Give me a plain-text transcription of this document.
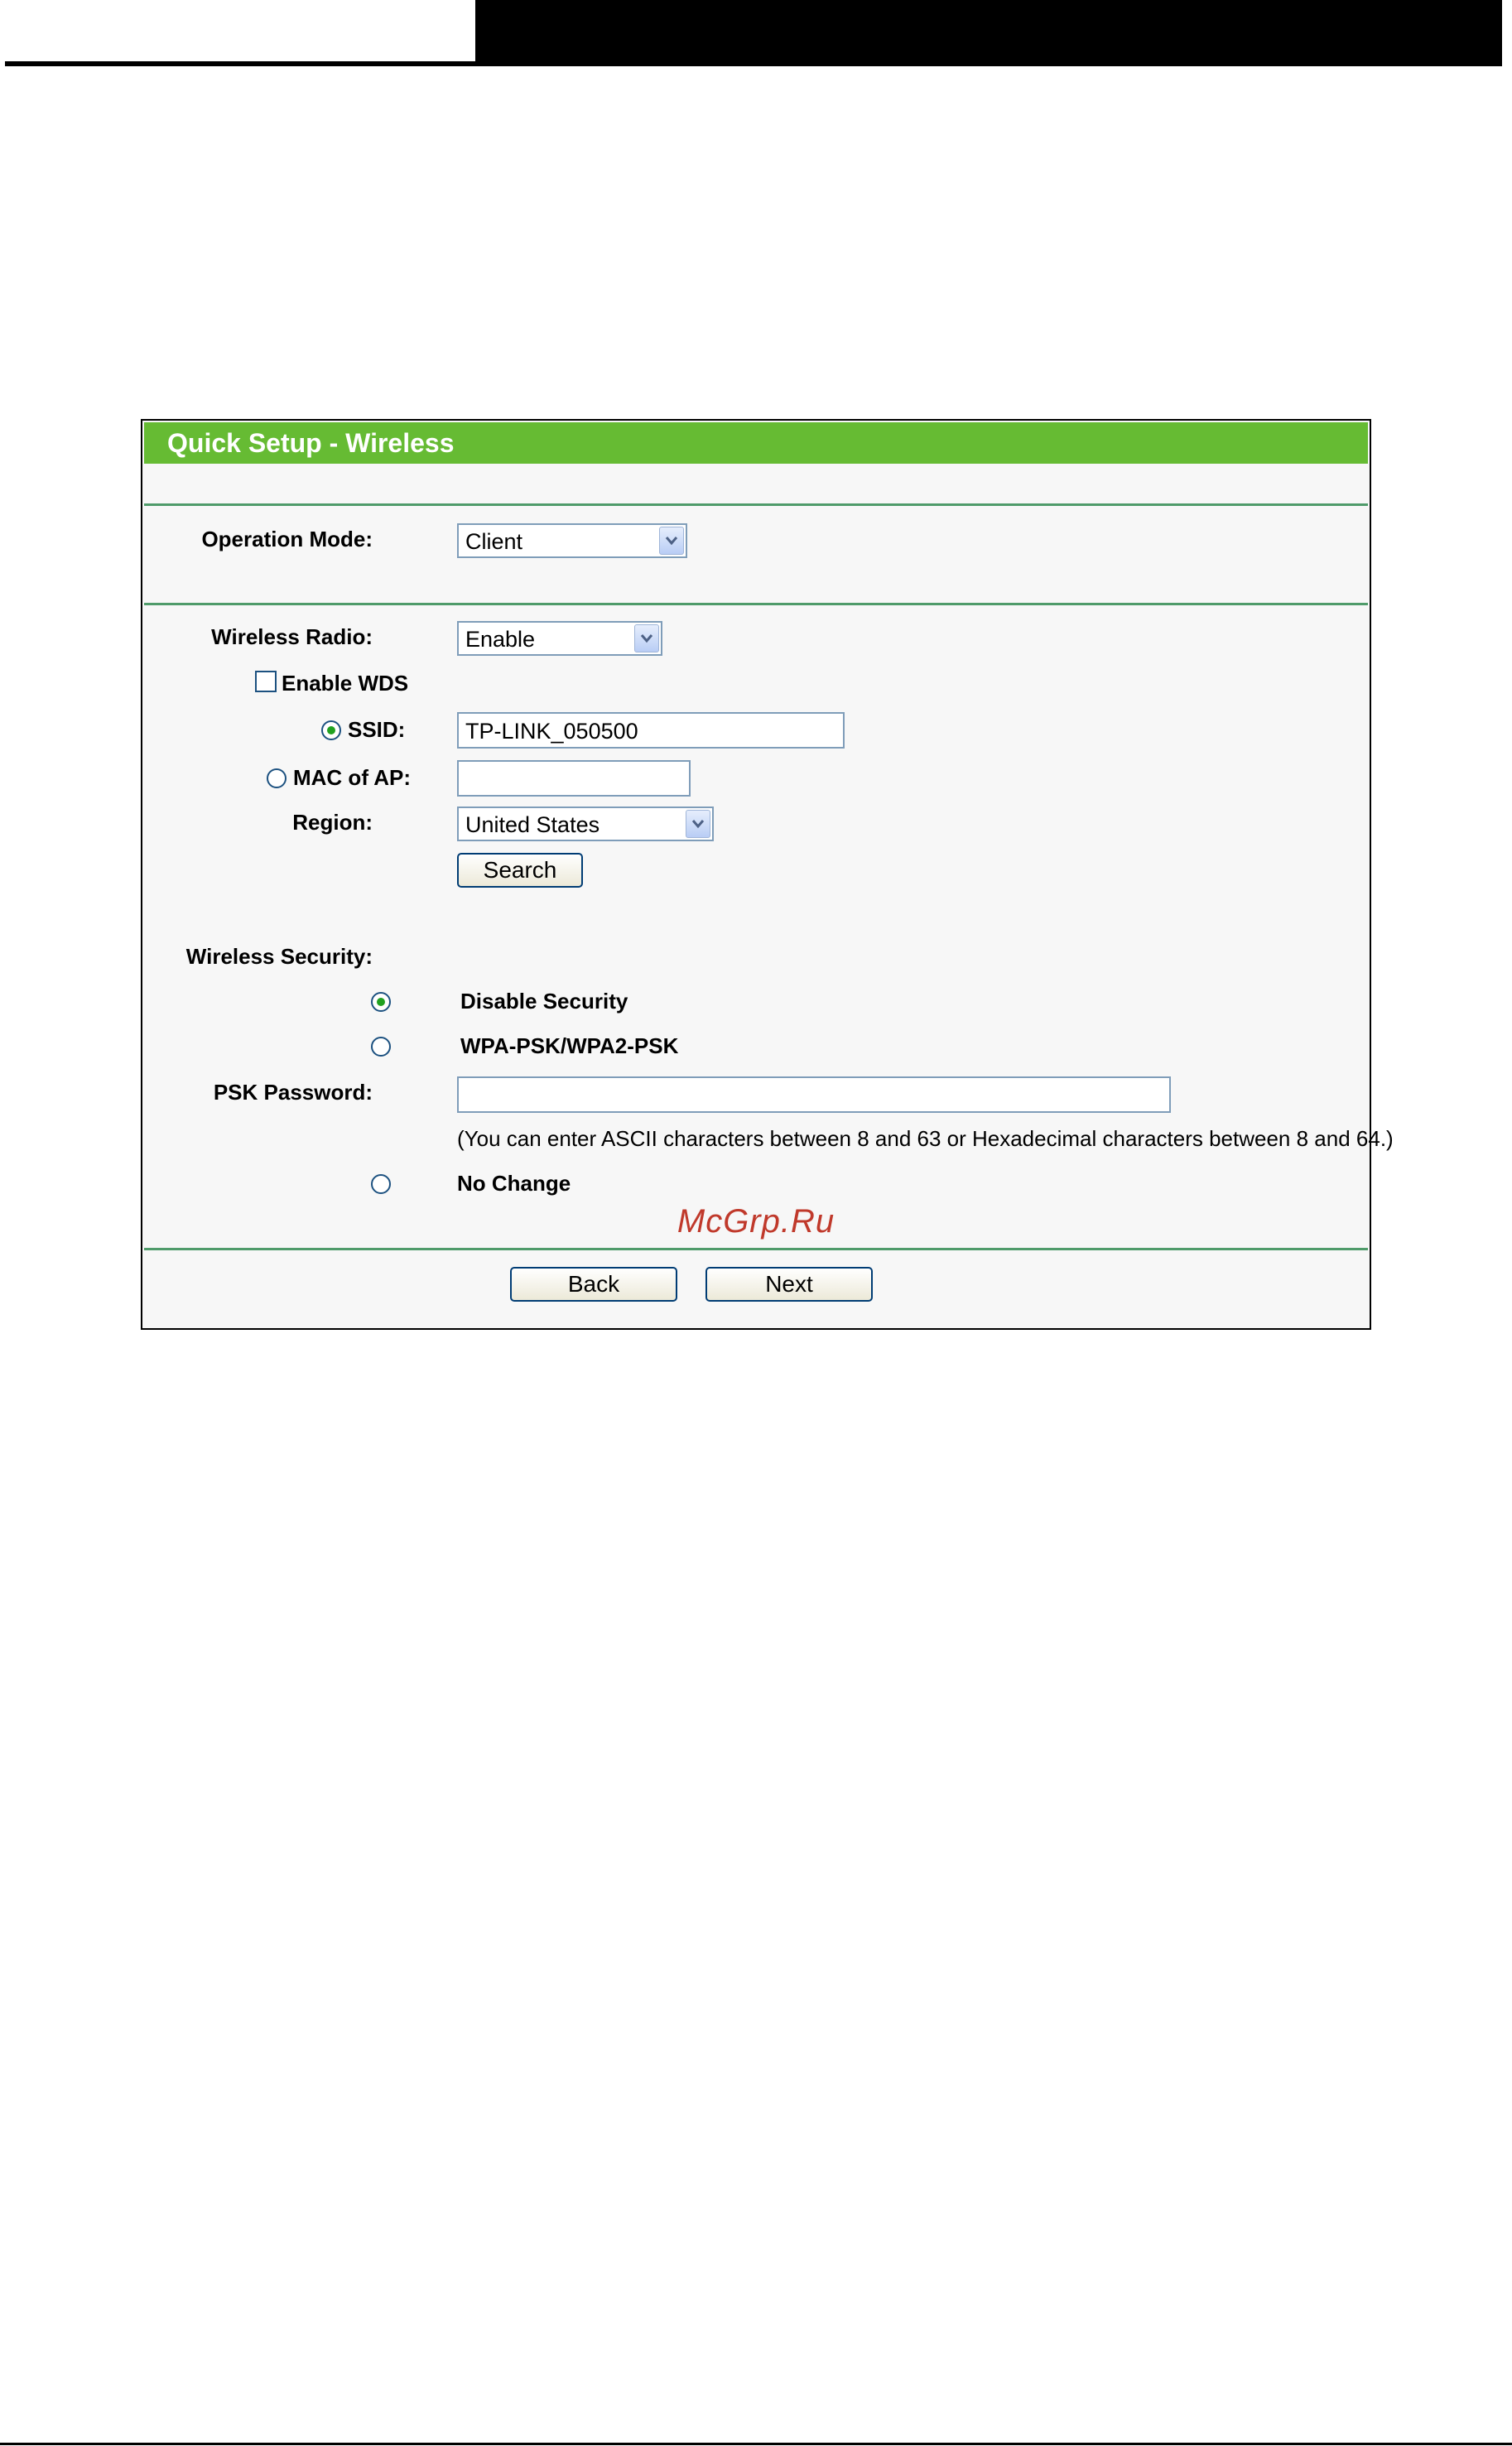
Quick Setup - Wireless
Operation Mode:	Client
Wireless Radio:	Enable
Enable WDS
SSID:	TP-LINK_050500
MAC of AP:
Region:	United States
Search
Wireless Security:
Disable Security
WPA-PSK/WPA2-PSK
PSK Password:
(You can enter ASCII characters between 8 and 63 or Hexadecimal characters between 8 and 64.)
No Change
Back	Next
McGrp.Ru
